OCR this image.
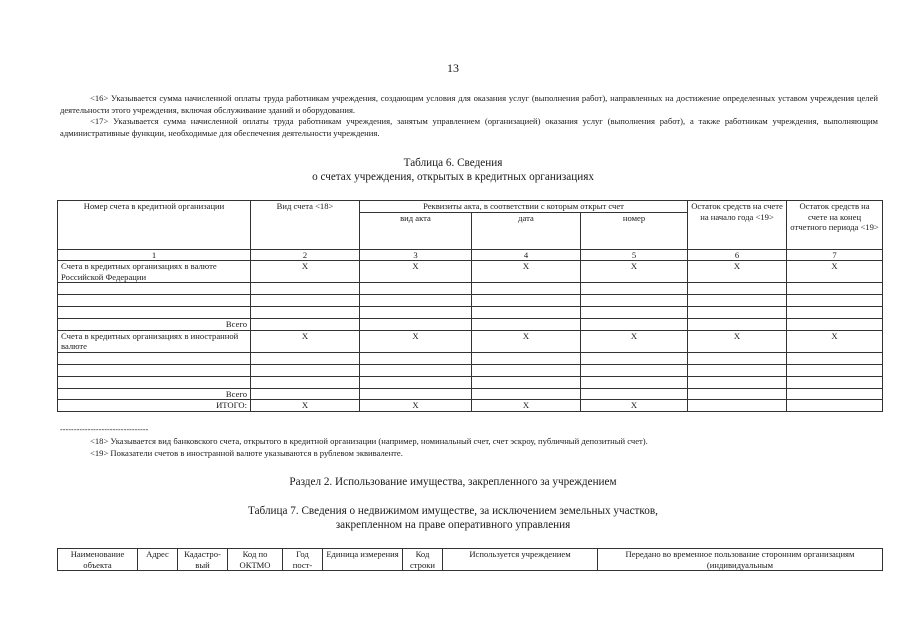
13
<16> Указывается сумма начисленной оплаты труда работникам учреждения, создающим условия для оказания услуг (выполнения работ), направленных на достижение определенных уставом учреждения целей деятельности этого учреждения, включая обслуживание зданий и оборудования.
<17> Указывается сумма начисленной оплаты труда работникам учреждения, занятым управлением (организацией) оказания услуг (выполнения работ), а также работникам учреждения, выполняющим административные функции, необходимые для обеспечения деятельности учреждения.
Таблица 6. Сведения
о счетах учреждения, открытых в кредитных организациях
Номер счета в кредитной организации	Вид счета <18>	Реквизиты акта, в соответствии с которым открыт счет			Остаток средств на счете на начало года <19>	Остаток средств на счете на конец отчетного периода <19>
		вид акта	дата	номер		
1	2	3	4	5	6	7
Счета в кредитных организациях в валюте Российской Федерации	X	X	X	X	X	X

Всего						
Счета в кредитных организациях в иностранной валюте	X	X	X	X	X	X

Всего						
ИТОГО:	X	X	X	X		
--------------------------------
<18> Указывается вид банковского счета, открытого в кредитной организации (например, номинальный счет, счет эскроу, публичный депозитный счет).
<19> Показатели счетов в иностранной валюте указываются в рублевом эквиваленте.
Раздел 2. Использование имущества, закрепленного за учреждением
Таблица 7. Сведения о недвижимом имуществе, за исключением земельных участков,
закрепленном на праве оперативного управления
Наименование объекта	Адрес	Кадастро-вый	Код по ОКТМО	Год пост-	Единица измерения	Код строки	Используется учреждением	Передано во временное пользование сторонним организациям (индивидуальным
